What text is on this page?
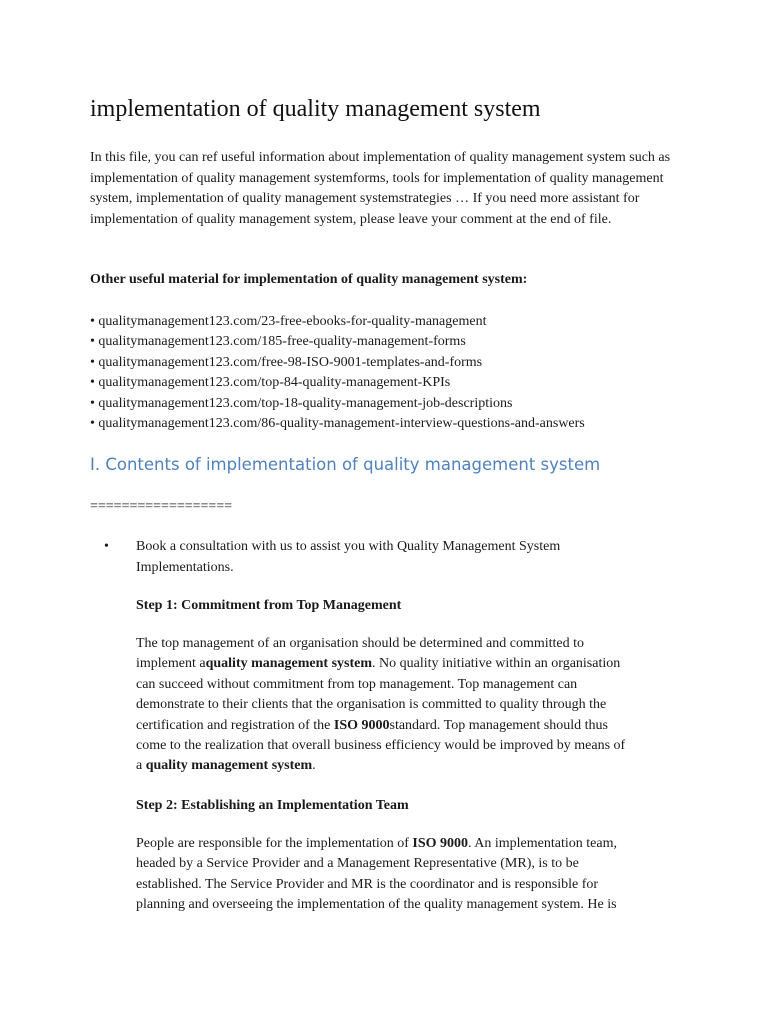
implementation of quality management system

In this file, you can ref useful information about implementation of quality management system such as implementation of quality management systemforms, tools for implementation of quality management system, implementation of quality management systemstrategies … If you need more assistant for implementation of quality management system, please leave your comment at the end of file.

Other useful material for implementation of quality management system:

• qualitymanagement123.com/23-free-ebooks-for-quality-management
• qualitymanagement123.com/185-free-quality-management-forms
• qualitymanagement123.com/free-98-ISO-9001-templates-and-forms
• qualitymanagement123.com/top-84-quality-management-KPIs
• qualitymanagement123.com/top-18-quality-management-job-descriptions
• qualitymanagement123.com/86-quality-management-interview-questions-and-answers
I. Contents of implementation of quality management system

==================

•	Book a consultation with us to assist you with Quality Management System Implementations.

Step 1: Commitment from Top Management

The top management of an organisation should be determined and committed to
implement aquality management system. No quality initiative within an organisation
can succeed without commitment from top management. Top management can
demonstrate to their clients that the organisation is committed to quality through the
certification and registration of the ISO 9000standard. Top management should thus
come to the realization that overall business efficiency would be improved by means of
a quality management system.

Step 2: Establishing an Implementation Team

People are responsible for the implementation of ISO 9000. An implementation team,
headed by a Service Provider and a Management Representative (MR), is to be
established. The Service Provider and MR is the coordinator and is responsible for
planning and overseeing the implementation of the quality management system. He is
